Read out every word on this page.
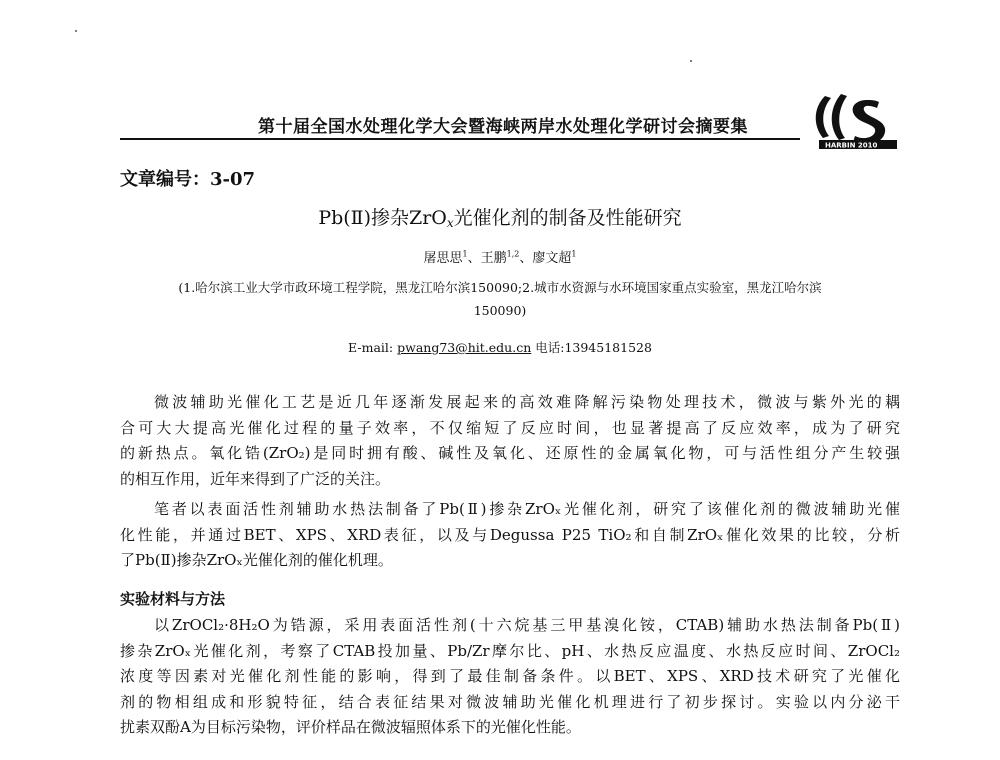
第十届全国水处理化学大会暨海峡两岸水处理化学研讨会摘要集
HARBIN 2010
文章编号：3-07
Pb(Ⅱ)掺杂ZrO$_x$光催化剂的制备及性能研究
屠思思$^1$、王鹏$^{1,2}$、廖文超$^1$
(1.哈尔滨工业大学市政环境工程学院，黑龙江哈尔滨150090;2.城市水资源与水环境国家重点实验室，黑龙江哈尔滨
150090)
E-mail: pwang73@hit.edu.cn 电话:13945181528
微波辅助光催化工艺是近几年逐渐发展起来的高效难降解污染物处理技术，微波与紫外光的耦
合可大大提高光催化过程的量子效率，不仅缩短了反应时间，也显著提高了反应效率，成为了研究
的新热点。氧化锆(ZrO₂)是同时拥有酸、碱性及氧化、还原性的金属氧化物，可与活性组分产生较强
的相互作用，近年来得到了广泛的关注。
笔者以表面活性剂辅助水热法制备了Pb(Ⅱ)掺杂ZrOₓ光催化剂，研究了该催化剂的微波辅助光催
化性能，并通过BET、XPS、XRD表征，以及与Degussa P25 TiO₂和自制ZrOₓ催化效果的比较，分析
了Pb(Ⅱ)掺杂ZrOₓ光催化剂的催化机理。
实验材料与方法
以ZrOCl₂·8H₂O为锆源，采用表面活性剂(十六烷基三甲基溴化铵，CTAB)辅助水热法制备Pb(Ⅱ)
掺杂ZrOₓ光催化剂，考察了CTAB投加量、Pb/Zr摩尔比、pH、水热反应温度、水热反应时间、ZrOCl₂
浓度等因素对光催化剂性能的影响，得到了最佳制备条件。以BET、XPS、XRD技术研究了光催化
剂的物相组成和形貌特征，结合表征结果对微波辅助光催化机理进行了初步探讨。实验以内分泌干
扰素双酚A为目标污染物，评价样品在微波辐照体系下的光催化性能。
